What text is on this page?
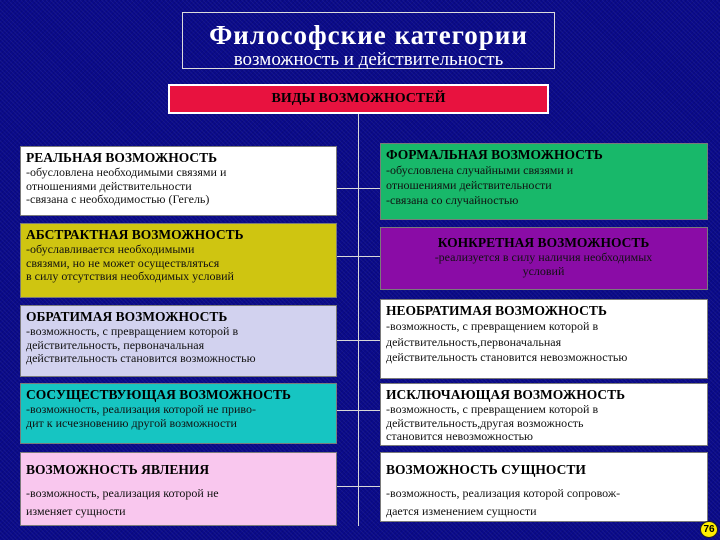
Философские категории
возможность и действительность
ВИДЫ ВОЗМОЖНОСТЕЙ
РЕАЛЬНАЯ ВОЗМОЖНОСТЬ
-обусловлена необходимыми связями и
отношениями действительности
-связана с необходимостью (Гегель)
ФОРМАЛЬНАЯ ВОЗМОЖНОСТЬ
-обусловлена случайными связями и
отношениями действительности
-связана со случайностью
АБСТРАКТНАЯ ВОЗМОЖНОСТЬ
-обуславливается необходимыми
связями, но не может осуществляться
в силу отсутствия необходимых условий
КОНКРЕТНАЯ ВОЗМОЖНОСТЬ
-реализуется в силу наличия необходимых
условий
ОБРАТИМАЯ ВОЗМОЖНОСТЬ
-возможность, с превращением которой в
действительность, первоначальная
действительность становится возможностью
НЕОБРАТИМАЯ ВОЗМОЖНОСТЬ
-возможность, с превращением которой в
действительность,первоначальная
действительность становится невозможностью
СОСУЩЕСТВУЮЩАЯ ВОЗМОЖНОСТЬ
-возможность, реализация которой не приво-
дит к исчезновению другой возможности
ИСКЛЮЧАЮЩАЯ ВОЗМОЖНОСТЬ
-возможность, с превращением которой в
действительность,другая возможность
становится невозможностью
ВОЗМОЖНОСТЬ ЯВЛЕНИЯ
-возможность, реализация которой не
изменяет сущности
ВОЗМОЖНОСТЬ СУЩНОСТИ
-возможность, реализация которой сопровож-
дается изменением сущности
76
